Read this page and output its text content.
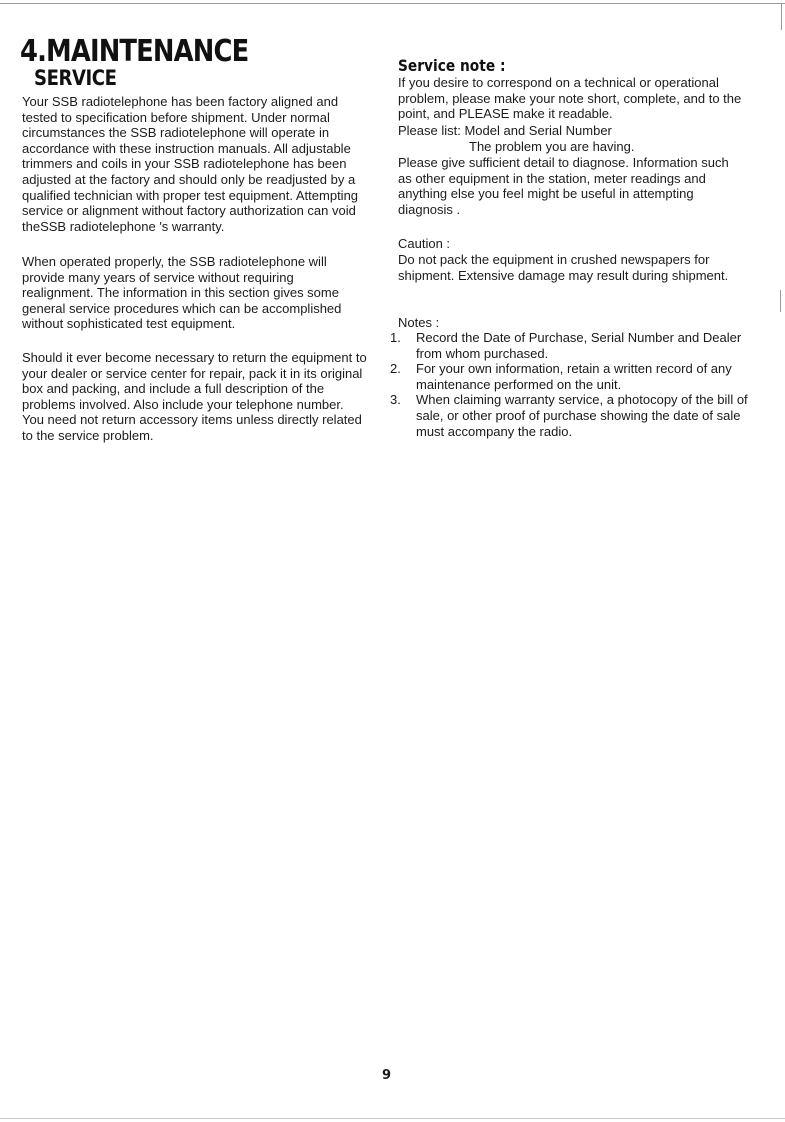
4.MAINTENANCE
SERVICE

Your SSB radiotelephone has been factory aligned and tested to specification before shipment. Under normal circumstances the SSB radiotelephone will operate in accordance with these instruction manuals. All adjustable trimmers and coils in your SSB radiotelephone has been adjusted at the factory and should only be readjusted by a qualified technician with proper test equipment. Attempting service or alignment without factory authorization can void theSSB radiotelephone 's warranty.

When operated properly, the SSB radiotelephone will provide many years of service without requiring realignment. The information in this section gives some general service procedures which can be accomplished without sophisticated test equipment.

Should it ever become necessary to return the equipment to your dealer or service center for repair, pack it in its original box and packing, and include a full description of the problems involved. Also include your telephone number. You need not return accessory items unless directly related to the service problem.

Service note :

If you desire to correspond on a technical or operational problem, please make your note short, complete, and to the point, and PLEASE make it readable.

Please list: Model and Serial Number

The problem you are having.

Please give sufficient detail to diagnose. Information such as other equipment in the station, meter readings and anything else you feel might be useful in attempting diagnosis .

Caution :

Do not pack the equipment in crushed newspapers for shipment. Extensive damage may result during shipment.

Notes :

1.	Record the Date of Purchase, Serial Number and Dealer from whom purchased.
2.	For your own information, retain a written record of any maintenance performed on the unit.
3.	When claiming warranty service, a photocopy of the bill of sale, or other proof of purchase showing the date of sale must accompany the radio.

9
